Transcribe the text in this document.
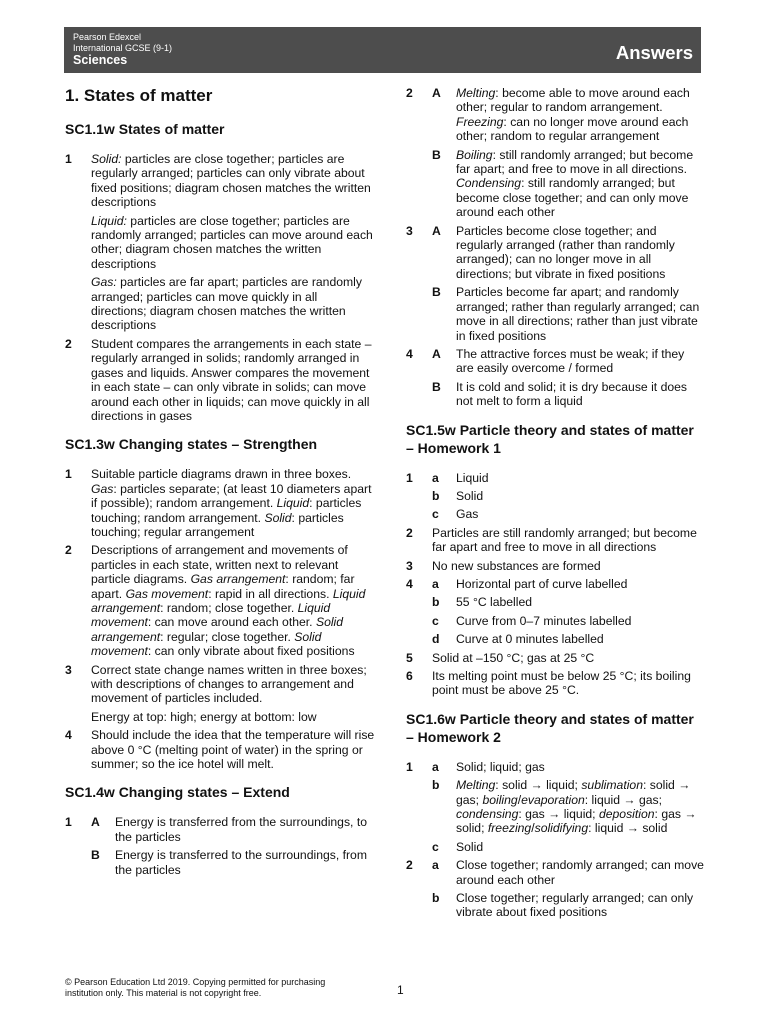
Pearson Edexcel
International GCSE (9-1)
Sciences	Answers
1. States of matter
SC1.1w States of matter
1 Solid: particles are close together; particles are regularly arranged; particles can only vibrate about fixed positions; diagram chosen matches the written descriptions

Liquid: particles are close together; particles are randomly arranged; particles can move around each other; diagram chosen matches the written descriptions

Gas: particles are far apart; particles are randomly arranged; particles can move quickly in all directions; diagram chosen matches the written descriptions

2 Student compares the arrangements in each state – regularly arranged in solids; randomly arranged in gases and liquids. Answer compares the movement in each state – can only vibrate in solids; can move around each other in liquids; can move quickly in all directions in gases

SC1.3w Changing states – Strengthen
1 Suitable particle diagrams drawn in three boxes. Gas: particles separate; (at least 10 diameters apart if possible); random arrangement. Liquid: particles touching; random arrangement. Solid: particles touching; regular arrangement

2 Descriptions of arrangement and movements of particles in each state, written next to relevant particle diagrams. Gas arrangement: random; far apart. Gas movement: rapid in all directions. Liquid arrangement: random; close together. Liquid movement: can move around each other. Solid arrangement: regular; close together. Solid movement: can only vibrate about fixed positions

3 Correct state change names written in three boxes; with descriptions of changes to arrangement and movement of particles included.

Energy at top: high; energy at bottom: low

4 Should include the idea that the temperature will rise above 0 °C (melting point of water) in the spring or summer; so the ice hotel will melt.

SC1.4w Changing states – Extend
1 A Energy is transferred from the surroundings, to the particles
B Energy is transferred to the surroundings, from the particles
2 A Melting: become able to move around each other; regular to random arrangement. Freezing: can no longer move around each other; random to regular arrangement
B Boiling: still randomly arranged; but become far apart; and free to move in all directions. Condensing: still randomly arranged; but become close together; and can only move around each other
3 A Particles become close together; and regularly arranged (rather than randomly arranged); can no longer move in all directions; but vibrate in fixed positions
B Particles become far apart; and randomly arranged; rather than regularly arranged; can move in all directions; rather than just vibrate in fixed positions
4 A The attractive forces must be weak; if they are easily overcome / formed
B It is cold and solid; it is dry because it does not melt to form a liquid
SC1.5w Particle theory and states of matter – Homework 1
1 a Liquid
b Solid
c Gas
2 Particles are still randomly arranged; but become far apart and free to move in all directions

3 No new substances are formed

4 a Horizontal part of curve labelled
b 55 °C labelled
c Curve from 0–7 minutes labelled
d Curve at 0 minutes labelled
5 Solid at –150 °C; gas at 25 °C

6 Its melting point must be below 25 °C; its boiling point must be above 25 °C.

SC1.6w Particle theory and states of matter – Homework 2
1 a Solid; liquid; gas
b Melting: solid → liquid; sublimation: solid → gas; boiling/evaporation: liquid → gas; condensing: gas → liquid; deposition: gas → solid; freezing/solidifying: liquid → solid
c Solid
2 a Close together; randomly arranged; can move around each other
b Close together; regularly arranged; can only vibrate about fixed positions
© Pearson Education Ltd 2019. Copying permitted for purchasing institution only. This material is not copyright free.	1
